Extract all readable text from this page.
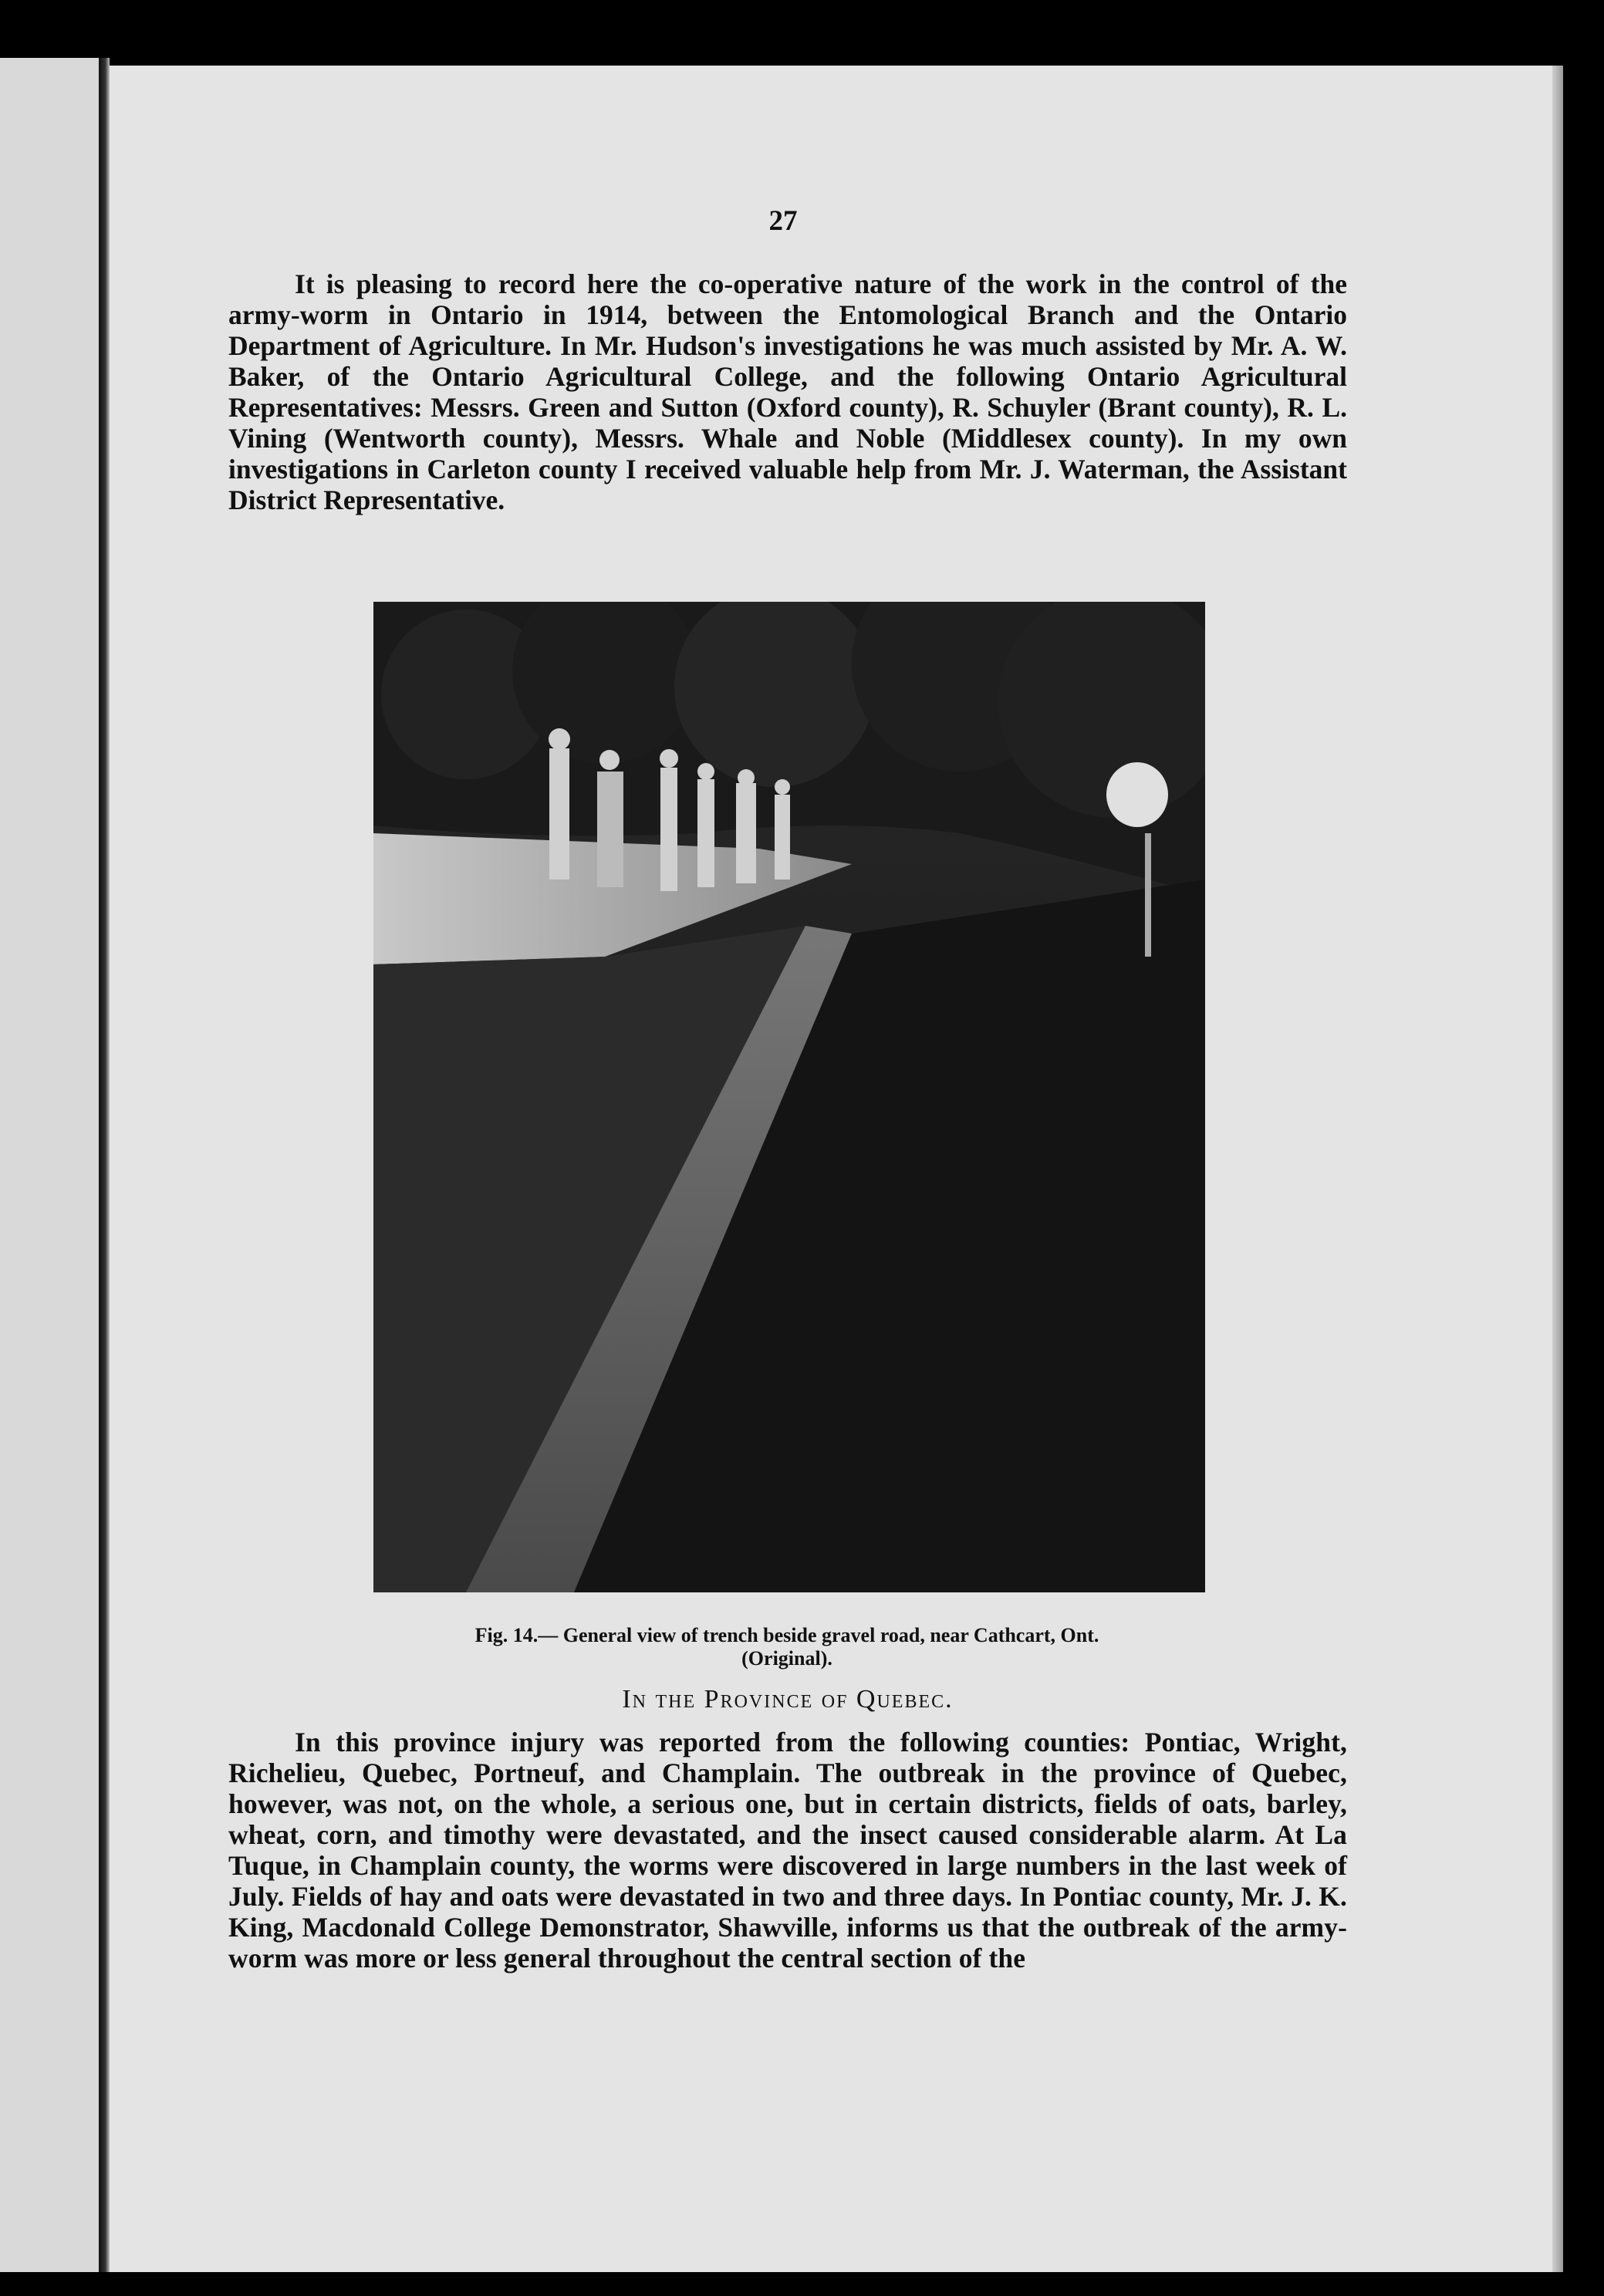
27

It is pleasing to record here the co-operative nature of the work in the control of the army-worm in Ontario in 1914, between the Entomological Branch and the Ontario Department of Agriculture. In Mr. Hudson's investigations he was much assisted by Mr. A. W. Baker, of the Ontario Agricultural College, and the following Ontario Agricultural Representatives: Messrs. Green and Sutton (Oxford county), R. Schuyler (Brant county), R. L. Vining (Wentworth county), Messrs. Whale and Noble (Middlesex county). In my own investigations in Carleton county I received valuable help from Mr. J. Waterman, the Assistant District Representative.

Fig. 14.— General view of trench beside gravel road, near Cathcart, Ont.
(Original).
In the Province of Quebec.

In this province injury was reported from the following counties: Pontiac, Wright, Richelieu, Quebec, Portneuf, and Champlain. The outbreak in the province of Quebec, however, was not, on the whole, a serious one, but in certain districts, fields of oats, barley, wheat, corn, and timothy were devastated, and the insect caused considerable alarm. At La Tuque, in Champlain county, the worms were discovered in large numbers in the last week of July. Fields of hay and oats were devastated in two and three days. In Pontiac county, Mr. J. K. King, Macdonald College Demonstrator, Shawville, informs us that the outbreak of the army-worm was more or less general throughout the central section of the
